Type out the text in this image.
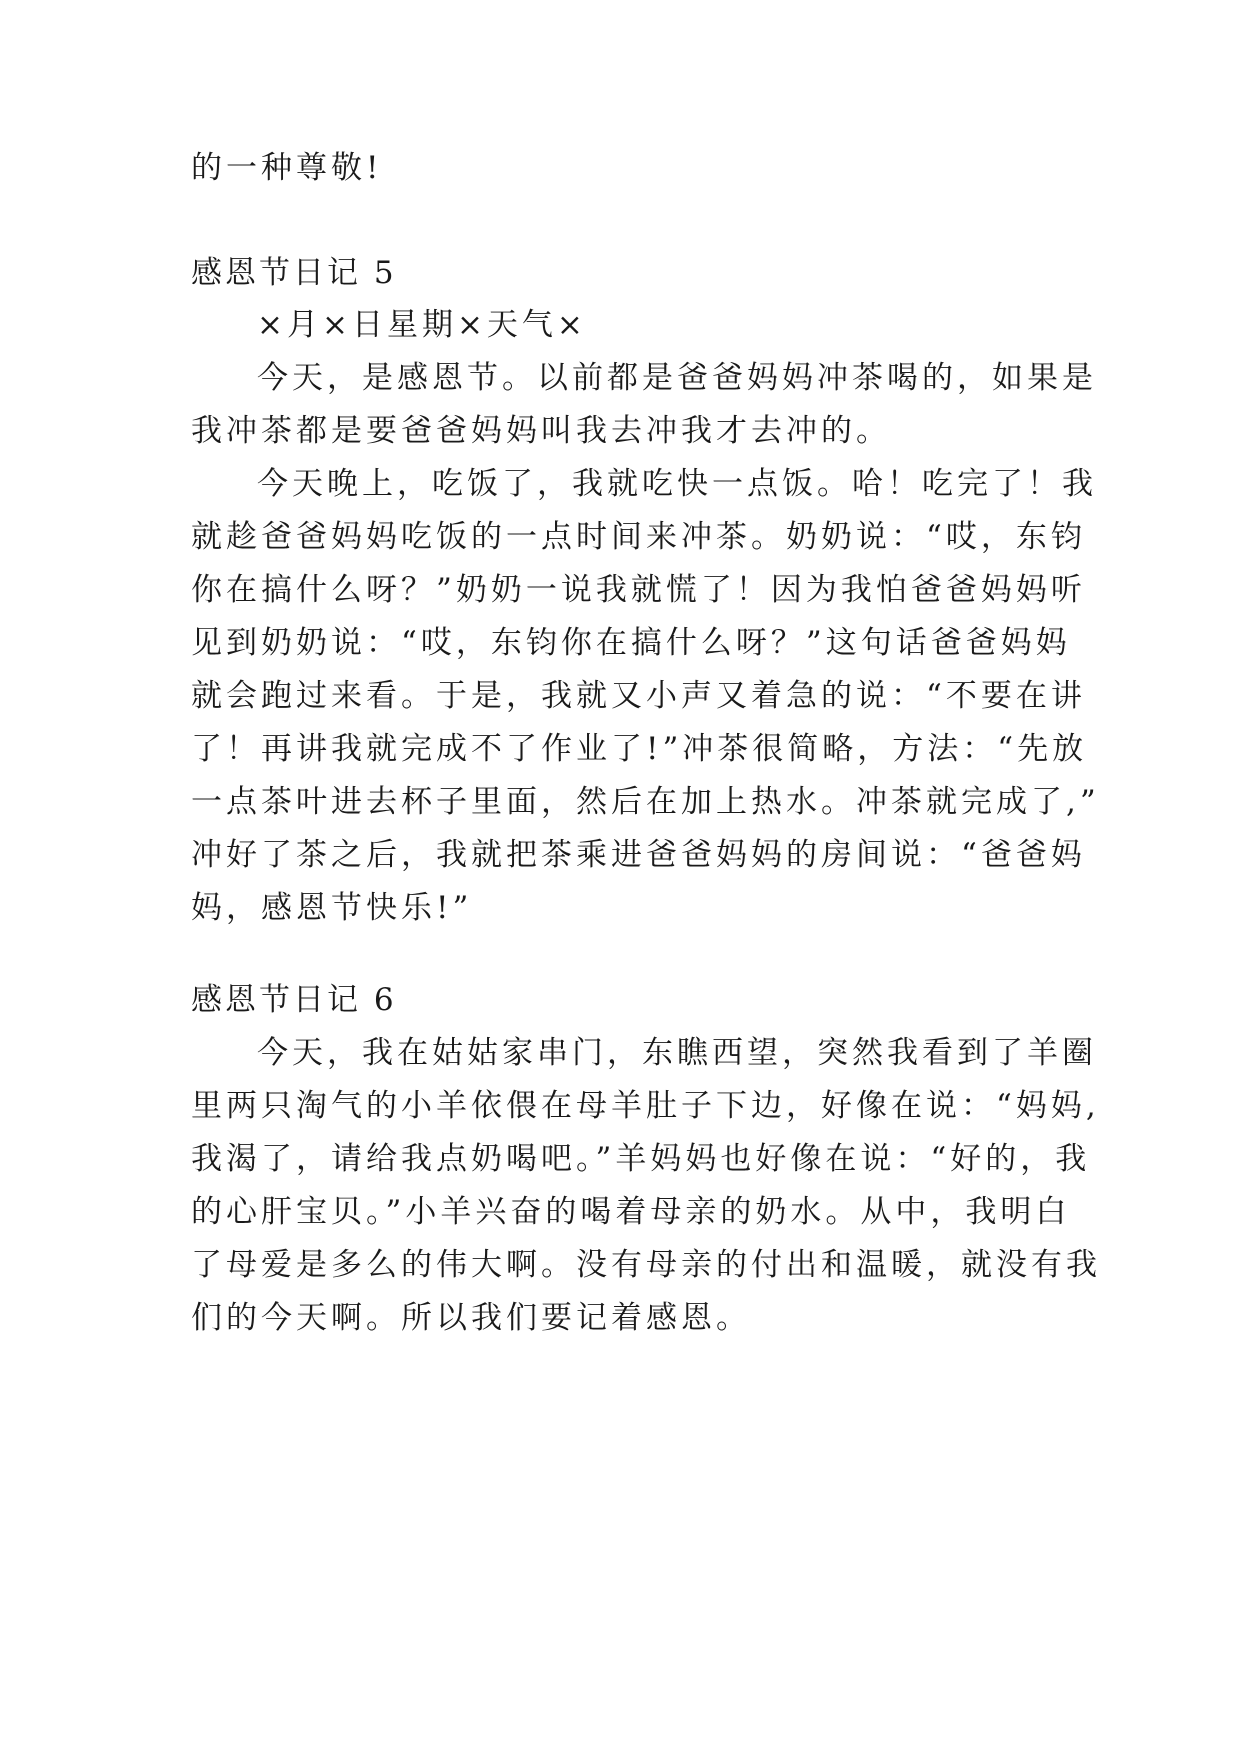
的一种尊敬!

感恩节日记 5

×月×日星期×天气×

今天，是感恩节。以前都是爸爸妈妈冲茶喝的，如果是

我冲茶都是要爸爸妈妈叫我去冲我才去冲的。

今天晚上，吃饭了，我就吃快一点饭。哈！吃完了！我

就趁爸爸妈妈吃饭的一点时间来冲茶。奶奶说：“哎，东钧

你在搞什么呀？”奶奶一说我就慌了！因为我怕爸爸妈妈听

见到奶奶说：“哎，东钧你在搞什么呀？”这句话爸爸妈妈

就会跑过来看。于是，我就又小声又着急的说：“不要在讲

了！再讲我就完成不了作业了!”冲茶很简略，方法：“先放

一点茶叶进去杯子里面，然后在加上热水。冲茶就完成了,”

冲好了茶之后，我就把茶乘进爸爸妈妈的房间说：“爸爸妈

妈，感恩节快乐!”

感恩节日记 6

今天，我在姑姑家串门，东瞧西望，突然我看到了羊圈

里两只淘气的小羊依偎在母羊肚子下边，好像在说：“妈妈,

我渴了，请给我点奶喝吧。”羊妈妈也好像在说：“好的，我

的心肝宝贝。”小羊兴奋的喝着母亲的奶水。从中，我明白

了母爱是多么的伟大啊。没有母亲的付出和温暖，就没有我

们的今天啊。所以我们要记着感恩。
